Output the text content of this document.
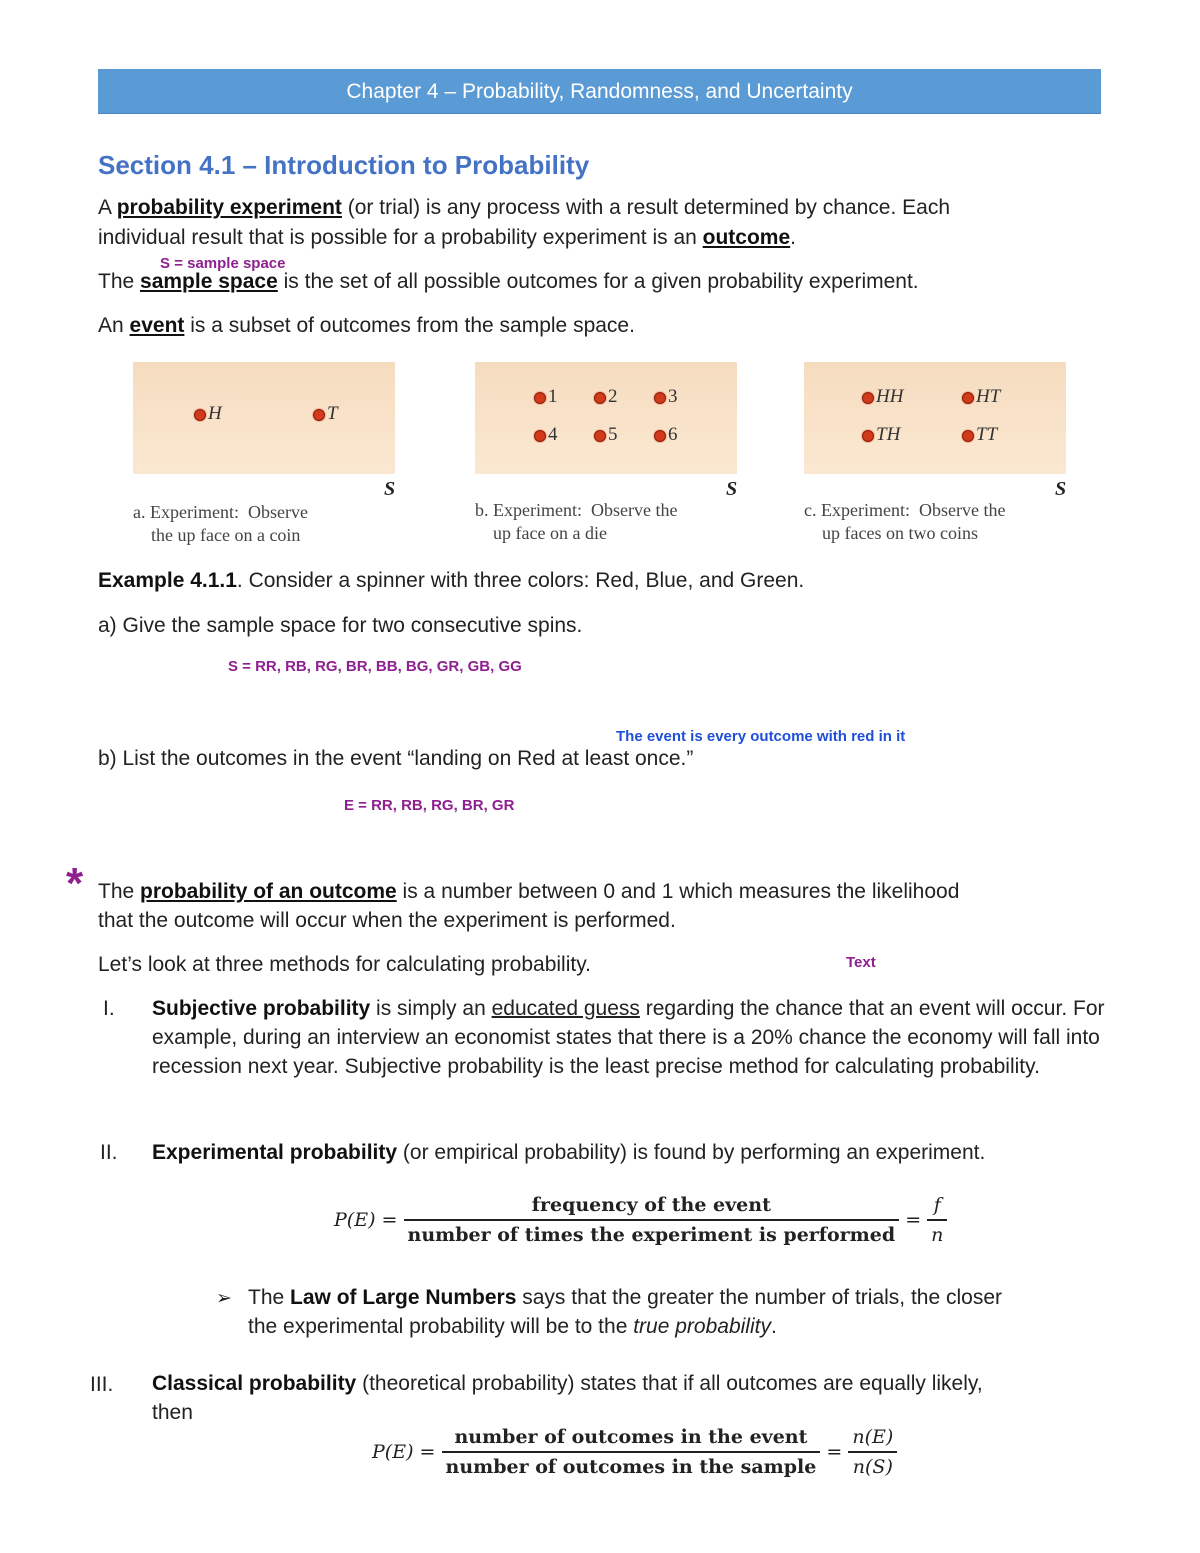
Chapter 4 – Probability, Randomness, and Uncertainty
Section 4.1 – Introduction to Probability
A probability experiment (or trial) is any process with a result determined by chance. Each
individual result that is possible for a probability experiment is an outcome.
S = sample space
The sample space is the set of all possible outcomes for a given probability experiment.
An event is a subset of outcomes from the sample space.
H	T
S
a. Experiment:  Observe
the up face on a coin
1	2	3
4	5	6
S
b. Experiment:  Observe the
up face on a die
HH	HT
TH	TT
S
c. Experiment:  Observe the
up faces on two coins
Example 4.1.1. Consider a spinner with three colors: Red, Blue, and Green.
a) Give the sample space for two consecutive spins.
S = RR, RB, RG, BR, BB, BG, GR, GB, GG
The event is every outcome with red in it
b) List the outcomes in the event “landing on Red at least once.”
E = RR, RB, RG, BR, GR
* The probability of an outcome is a number between 0 and 1 which measures the likelihood
that the outcome will occur when the experiment is performed.
Let’s look at three methods for calculating probability.	Text
I.	Subjective probability is simply an educated guess regarding the chance that an event will occur. For example, during an interview an economist states that there is a 20% chance the economy will fall into recession next year. Subjective probability is the least precise method for calculating probability.
II.	Experimental probability (or empirical probability) is found by performing an experiment.
$P(E) = \frac{\text{frequency of the event}}{\text{number of times the experiment is performed}} = \frac{f}{n}$
➢ The Law of Large Numbers says that the greater the number of trials, the closer
the experimental probability will be to the true probability.
III.	Classical probability (theoretical probability) states that if all outcomes are equally likely,
then
$P(E) = \frac{\text{number of outcomes in the event}}{\text{number of outcomes in the sample}} = \frac{n(E)}{n(S)}$
